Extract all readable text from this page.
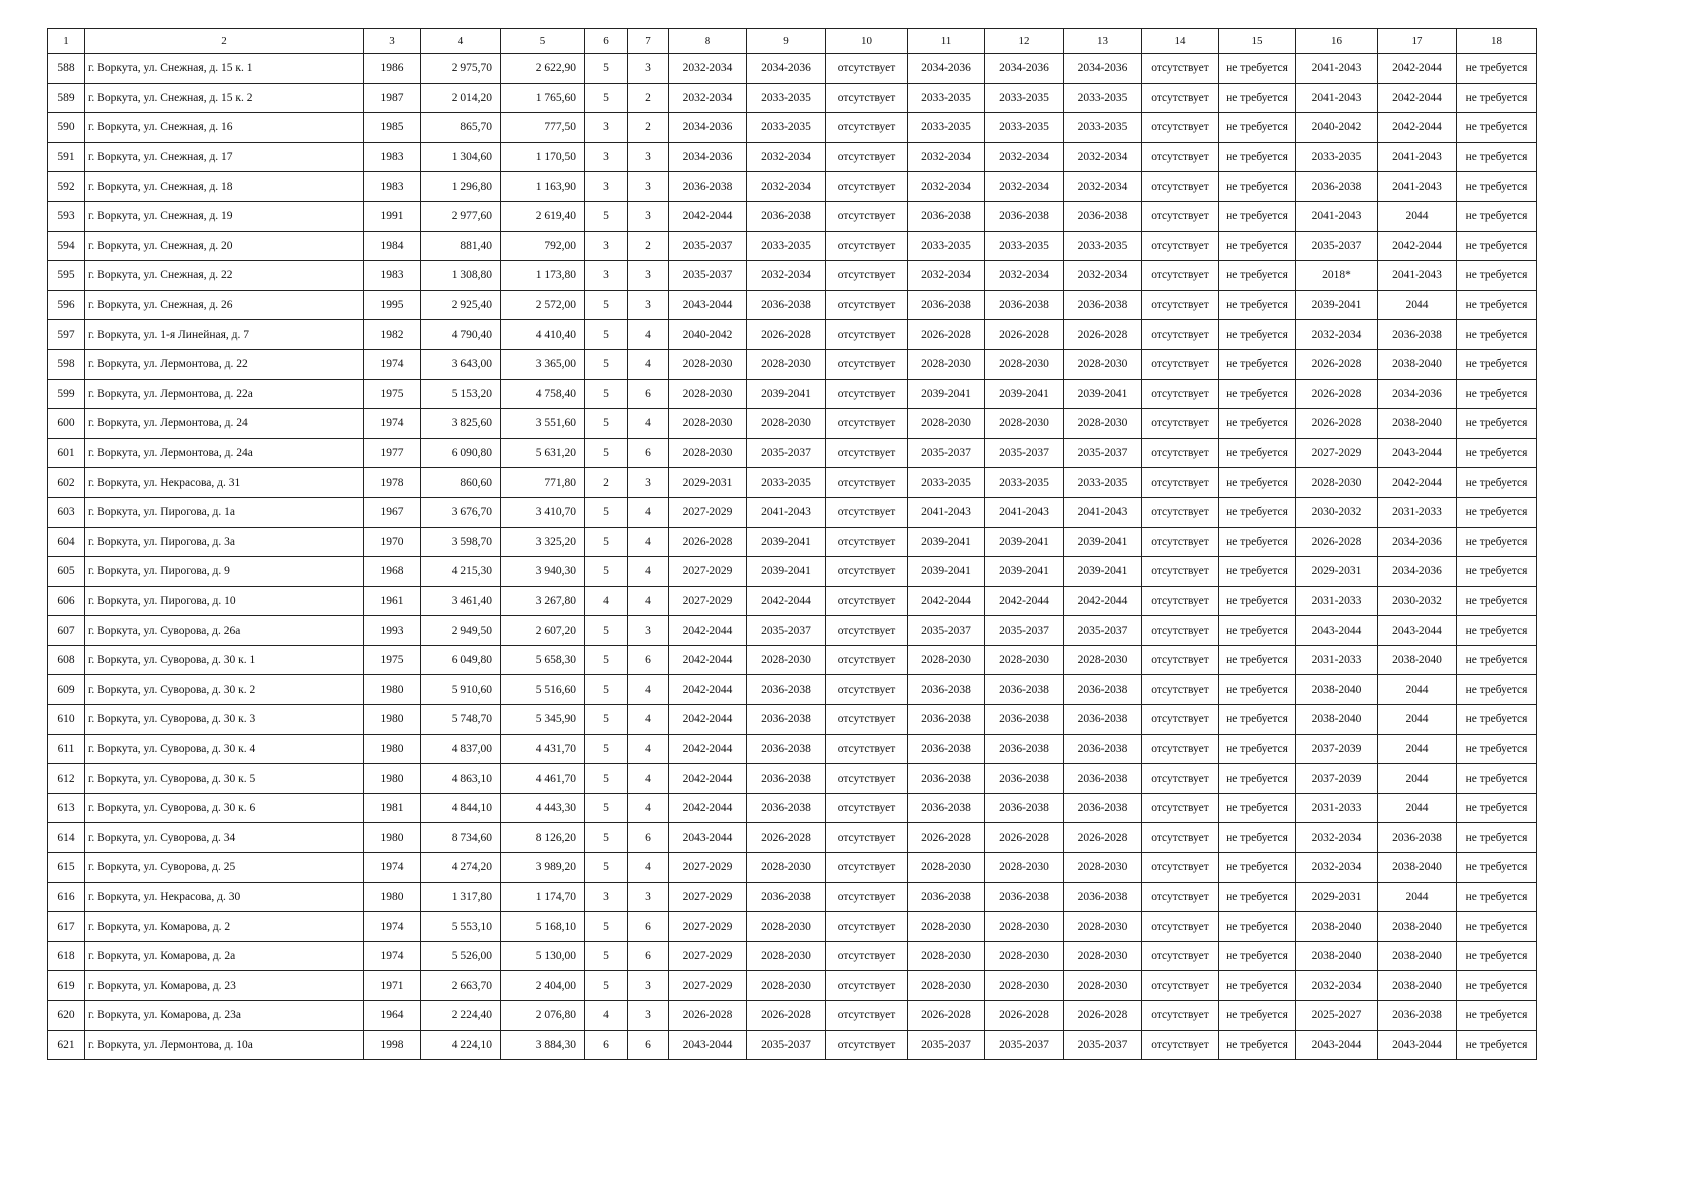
1	2	3	4	5	6	7	8	9	10	11	12	13	14	15	16	17	18
588	г. Воркута, ул. Снежная, д. 15 к. 1	1986	2 975,70	2 622,90	5	3	2032-2034	2034-2036	отсутствует	2034-2036	2034-2036	2034-2036	отсутствует	не требуется	2041-2043	2042-2044	не требуется
589	г. Воркута, ул. Снежная, д. 15 к. 2	1987	2 014,20	1 765,60	5	2	2032-2034	2033-2035	отсутствует	2033-2035	2033-2035	2033-2035	отсутствует	не требуется	2041-2043	2042-2044	не требуется
590	г. Воркута, ул. Снежная, д. 16	1985	865,70	777,50	3	2	2034-2036	2033-2035	отсутствует	2033-2035	2033-2035	2033-2035	отсутствует	не требуется	2040-2042	2042-2044	не требуется
591	г. Воркута, ул. Снежная, д. 17	1983	1 304,60	1 170,50	3	3	2034-2036	2032-2034	отсутствует	2032-2034	2032-2034	2032-2034	отсутствует	не требуется	2033-2035	2041-2043	не требуется
592	г. Воркута, ул. Снежная, д. 18	1983	1 296,80	1 163,90	3	3	2036-2038	2032-2034	отсутствует	2032-2034	2032-2034	2032-2034	отсутствует	не требуется	2036-2038	2041-2043	не требуется
593	г. Воркута, ул. Снежная, д. 19	1991	2 977,60	2 619,40	5	3	2042-2044	2036-2038	отсутствует	2036-2038	2036-2038	2036-2038	отсутствует	не требуется	2041-2043	2044	не требуется
594	г. Воркута, ул. Снежная, д. 20	1984	881,40	792,00	3	2	2035-2037	2033-2035	отсутствует	2033-2035	2033-2035	2033-2035	отсутствует	не требуется	2035-2037	2042-2044	не требуется
595	г. Воркута, ул. Снежная, д. 22	1983	1 308,80	1 173,80	3	3	2035-2037	2032-2034	отсутствует	2032-2034	2032-2034	2032-2034	отсутствует	не требуется	2018*	2041-2043	не требуется
596	г. Воркута, ул. Снежная, д. 26	1995	2 925,40	2 572,00	5	3	2043-2044	2036-2038	отсутствует	2036-2038	2036-2038	2036-2038	отсутствует	не требуется	2039-2041	2044	не требуется
597	г. Воркута, ул. 1-я Линейная, д. 7	1982	4 790,40	4 410,40	5	4	2040-2042	2026-2028	отсутствует	2026-2028	2026-2028	2026-2028	отсутствует	не требуется	2032-2034	2036-2038	не требуется
598	г. Воркута, ул. Лермонтова, д. 22	1974	3 643,00	3 365,00	5	4	2028-2030	2028-2030	отсутствует	2028-2030	2028-2030	2028-2030	отсутствует	не требуется	2026-2028	2038-2040	не требуется
599	г. Воркута, ул. Лермонтова, д. 22а	1975	5 153,20	4 758,40	5	6	2028-2030	2039-2041	отсутствует	2039-2041	2039-2041	2039-2041	отсутствует	не требуется	2026-2028	2034-2036	не требуется
600	г. Воркута, ул. Лермонтова, д. 24	1974	3 825,60	3 551,60	5	4	2028-2030	2028-2030	отсутствует	2028-2030	2028-2030	2028-2030	отсутствует	не требуется	2026-2028	2038-2040	не требуется
601	г. Воркута, ул. Лермонтова, д. 24а	1977	6 090,80	5 631,20	5	6	2028-2030	2035-2037	отсутствует	2035-2037	2035-2037	2035-2037	отсутствует	не требуется	2027-2029	2043-2044	не требуется
602	г. Воркута, ул. Некрасова, д. 31	1978	860,60	771,80	2	3	2029-2031	2033-2035	отсутствует	2033-2035	2033-2035	2033-2035	отсутствует	не требуется	2028-2030	2042-2044	не требуется
603	г. Воркута, ул. Пирогова, д. 1а	1967	3 676,70	3 410,70	5	4	2027-2029	2041-2043	отсутствует	2041-2043	2041-2043	2041-2043	отсутствует	не требуется	2030-2032	2031-2033	не требуется
604	г. Воркута, ул. Пирогова, д. 3а	1970	3 598,70	3 325,20	5	4	2026-2028	2039-2041	отсутствует	2039-2041	2039-2041	2039-2041	отсутствует	не требуется	2026-2028	2034-2036	не требуется
605	г. Воркута, ул. Пирогова, д. 9	1968	4 215,30	3 940,30	5	4	2027-2029	2039-2041	отсутствует	2039-2041	2039-2041	2039-2041	отсутствует	не требуется	2029-2031	2034-2036	не требуется
606	г. Воркута, ул. Пирогова, д. 10	1961	3 461,40	3 267,80	4	4	2027-2029	2042-2044	отсутствует	2042-2044	2042-2044	2042-2044	отсутствует	не требуется	2031-2033	2030-2032	не требуется
607	г. Воркута, ул. Суворова, д. 26а	1993	2 949,50	2 607,20	5	3	2042-2044	2035-2037	отсутствует	2035-2037	2035-2037	2035-2037	отсутствует	не требуется	2043-2044	2043-2044	не требуется
608	г. Воркута, ул. Суворова, д. 30 к. 1	1975	6 049,80	5 658,30	5	6	2042-2044	2028-2030	отсутствует	2028-2030	2028-2030	2028-2030	отсутствует	не требуется	2031-2033	2038-2040	не требуется
609	г. Воркута, ул. Суворова, д. 30 к. 2	1980	5 910,60	5 516,60	5	4	2042-2044	2036-2038	отсутствует	2036-2038	2036-2038	2036-2038	отсутствует	не требуется	2038-2040	2044	не требуется
610	г. Воркута, ул. Суворова, д. 30 к. 3	1980	5 748,70	5 345,90	5	4	2042-2044	2036-2038	отсутствует	2036-2038	2036-2038	2036-2038	отсутствует	не требуется	2038-2040	2044	не требуется
611	г. Воркута, ул. Суворова, д. 30 к. 4	1980	4 837,00	4 431,70	5	4	2042-2044	2036-2038	отсутствует	2036-2038	2036-2038	2036-2038	отсутствует	не требуется	2037-2039	2044	не требуется
612	г. Воркута, ул. Суворова, д. 30 к. 5	1980	4 863,10	4 461,70	5	4	2042-2044	2036-2038	отсутствует	2036-2038	2036-2038	2036-2038	отсутствует	не требуется	2037-2039	2044	не требуется
613	г. Воркута, ул. Суворова, д. 30 к. 6	1981	4 844,10	4 443,30	5	4	2042-2044	2036-2038	отсутствует	2036-2038	2036-2038	2036-2038	отсутствует	не требуется	2031-2033	2044	не требуется
614	г. Воркута, ул. Суворова, д. 34	1980	8 734,60	8 126,20	5	6	2043-2044	2026-2028	отсутствует	2026-2028	2026-2028	2026-2028	отсутствует	не требуется	2032-2034	2036-2038	не требуется
615	г. Воркута, ул. Суворова, д. 25	1974	4 274,20	3 989,20	5	4	2027-2029	2028-2030	отсутствует	2028-2030	2028-2030	2028-2030	отсутствует	не требуется	2032-2034	2038-2040	не требуется
616	г. Воркута, ул. Некрасова, д. 30	1980	1 317,80	1 174,70	3	3	2027-2029	2036-2038	отсутствует	2036-2038	2036-2038	2036-2038	отсутствует	не требуется	2029-2031	2044	не требуется
617	г. Воркута, ул. Комарова, д. 2	1974	5 553,10	5 168,10	5	6	2027-2029	2028-2030	отсутствует	2028-2030	2028-2030	2028-2030	отсутствует	не требуется	2038-2040	2038-2040	не требуется
618	г. Воркута, ул. Комарова, д. 2а	1974	5 526,00	5 130,00	5	6	2027-2029	2028-2030	отсутствует	2028-2030	2028-2030	2028-2030	отсутствует	не требуется	2038-2040	2038-2040	не требуется
619	г. Воркута, ул. Комарова, д. 23	1971	2 663,70	2 404,00	5	3	2027-2029	2028-2030	отсутствует	2028-2030	2028-2030	2028-2030	отсутствует	не требуется	2032-2034	2038-2040	не требуется
620	г. Воркута, ул. Комарова, д. 23а	1964	2 224,40	2 076,80	4	3	2026-2028	2026-2028	отсутствует	2026-2028	2026-2028	2026-2028	отсутствует	не требуется	2025-2027	2036-2038	не требуется
621	г. Воркута, ул. Лермонтова, д. 10а	1998	4 224,10	3 884,30	6	6	2043-2044	2035-2037	отсутствует	2035-2037	2035-2037	2035-2037	отсутствует	не требуется	2043-2044	2043-2044	не требуется
